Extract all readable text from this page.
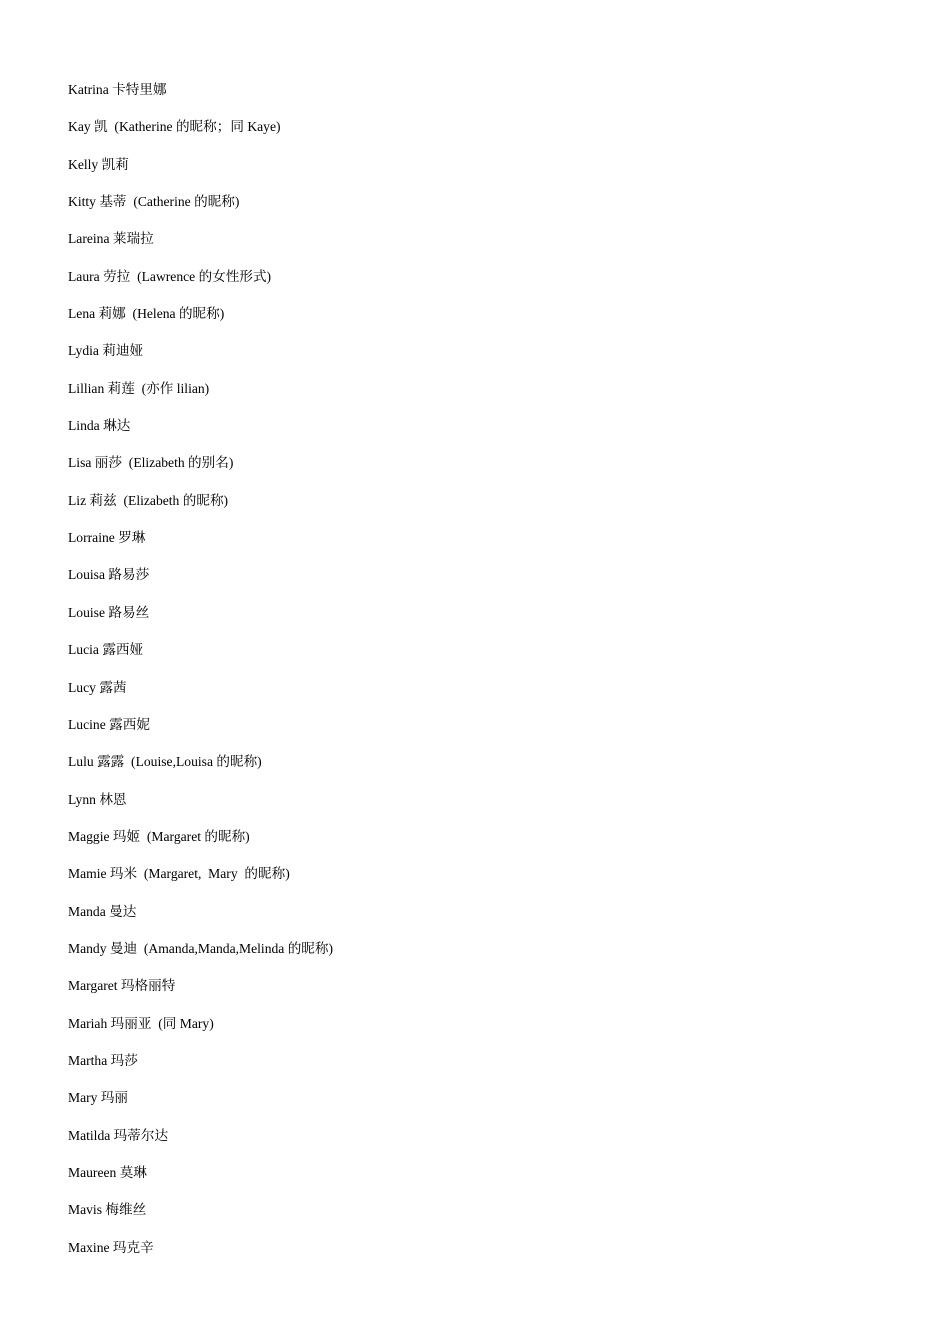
Katrina 卡特里娜
Kay 凯  (Katherine 的昵称；同 Kaye)
Kelly 凯莉
Kitty 基蒂  (Catherine 的昵称)
Lareina 莱瑞拉
Laura 劳拉  (Lawrence 的女性形式)
Lena 莉娜  (Helena 的昵称)
Lydia 莉迪娅
Lillian 莉莲  (亦作 lilian)
Linda 琳达
Lisa 丽莎  (Elizabeth 的别名)
Liz 莉兹  (Elizabeth 的昵称)
Lorraine 罗琳
Louisa 路易莎
Louise 路易丝
Lucia 露西娅
Lucy 露茜
Lucine 露西妮
Lulu 露露  (Louise,Louisa 的昵称)
Lynn 林恩
Maggie 玛姬  (Margaret 的昵称)
Mamie 玛米  (Margaret,  Mary  的昵称)
Manda 曼达
Mandy 曼迪  (Amanda,Manda,Melinda 的昵称)
Margaret 玛格丽特
Mariah 玛丽亚  (同 Mary)
Martha 玛莎
Mary 玛丽
Matilda 玛蒂尔达
Maureen 莫琳
Mavis 梅维丝
Maxine 玛克辛
